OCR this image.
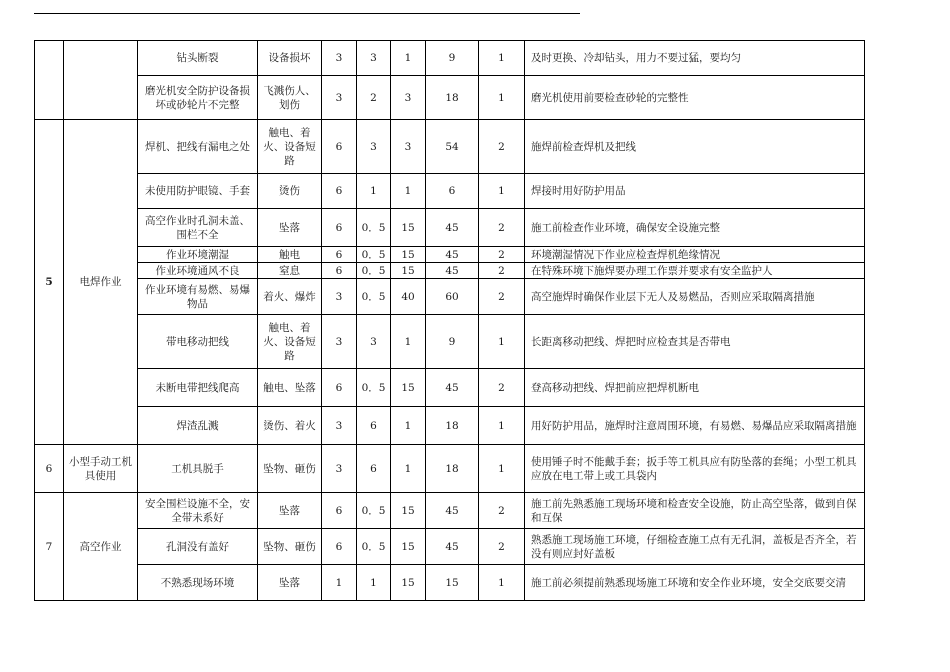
		钻头断裂	设备损坏	3	3	1	9	1	及时更换、冷却钻头，用力不要过猛，要均匀
		磨光机安全防护设备损坏或砂轮片不完整	飞溅伤人、划伤	3	2	3	18	1	磨光机使用前要检查砂轮的完整性
5	电焊作业	焊机、把线有漏电之处	触电、着火、设备短路	6	3	3	54	2	施焊前检查焊机及把线
		未使用防护眼镜、手套	烫伤	6	1	1	6	1	焊接时用好防护用品
		高空作业时孔洞未盖、围栏不全	坠落	6	0．5	15	45	2	施工前检查作业环境，确保安全设施完整
		作业环境潮湿	触电	6	0．5	15	45	2	环境潮湿情况下作业应检查焊机绝缘情况
		作业环境通风不良	窒息	6	0．5	15	45	2	在特殊环境下施焊要办理工作票并要求有安全监护人
		作业环境有易燃、易爆物品	着火、爆炸	3	0．5	40	60	2	高空施焊时确保作业层下无人及易燃品，否则应采取隔离措施
		带电移动把线	触电、着火、设备短路	3	3	1	9	1	长距离移动把线、焊把时应检查其是否带电
		未断电带把线爬高	触电、坠落	6	0．5	15	45	2	登高移动把线、焊把前应把焊机断电
		焊渣乱溅	烫伤、着火	3	6	1	18	1	用好防护用品，施焊时注意周围环境，有易燃、易爆品应采取隔离措施
6	小型手动工机具使用	工机具脱手	坠物、砸伤	3	6	1	18	1	使用锤子时不能戴手套；扳手等工机具应有防坠落的套绳；小型工机具应放在电工带上或工具袋内
7	高空作业	安全围栏设施不全，安全带未系好	坠落	6	0．5	15	45	2	施工前先熟悉施工现场环境和检查安全设施，防止高空坠落，做到自保和互保
		孔洞没有盖好	坠物、砸伤	6	0．5	15	45	2	熟悉施工现场施工环境，仔细检查施工点有无孔洞，盖板是否齐全，若没有则应封好盖板
		不熟悉现场环境	坠落	1	1	15	15	1	施工前必须提前熟悉现场施工环境和安全作业环境，安全交底要交清
